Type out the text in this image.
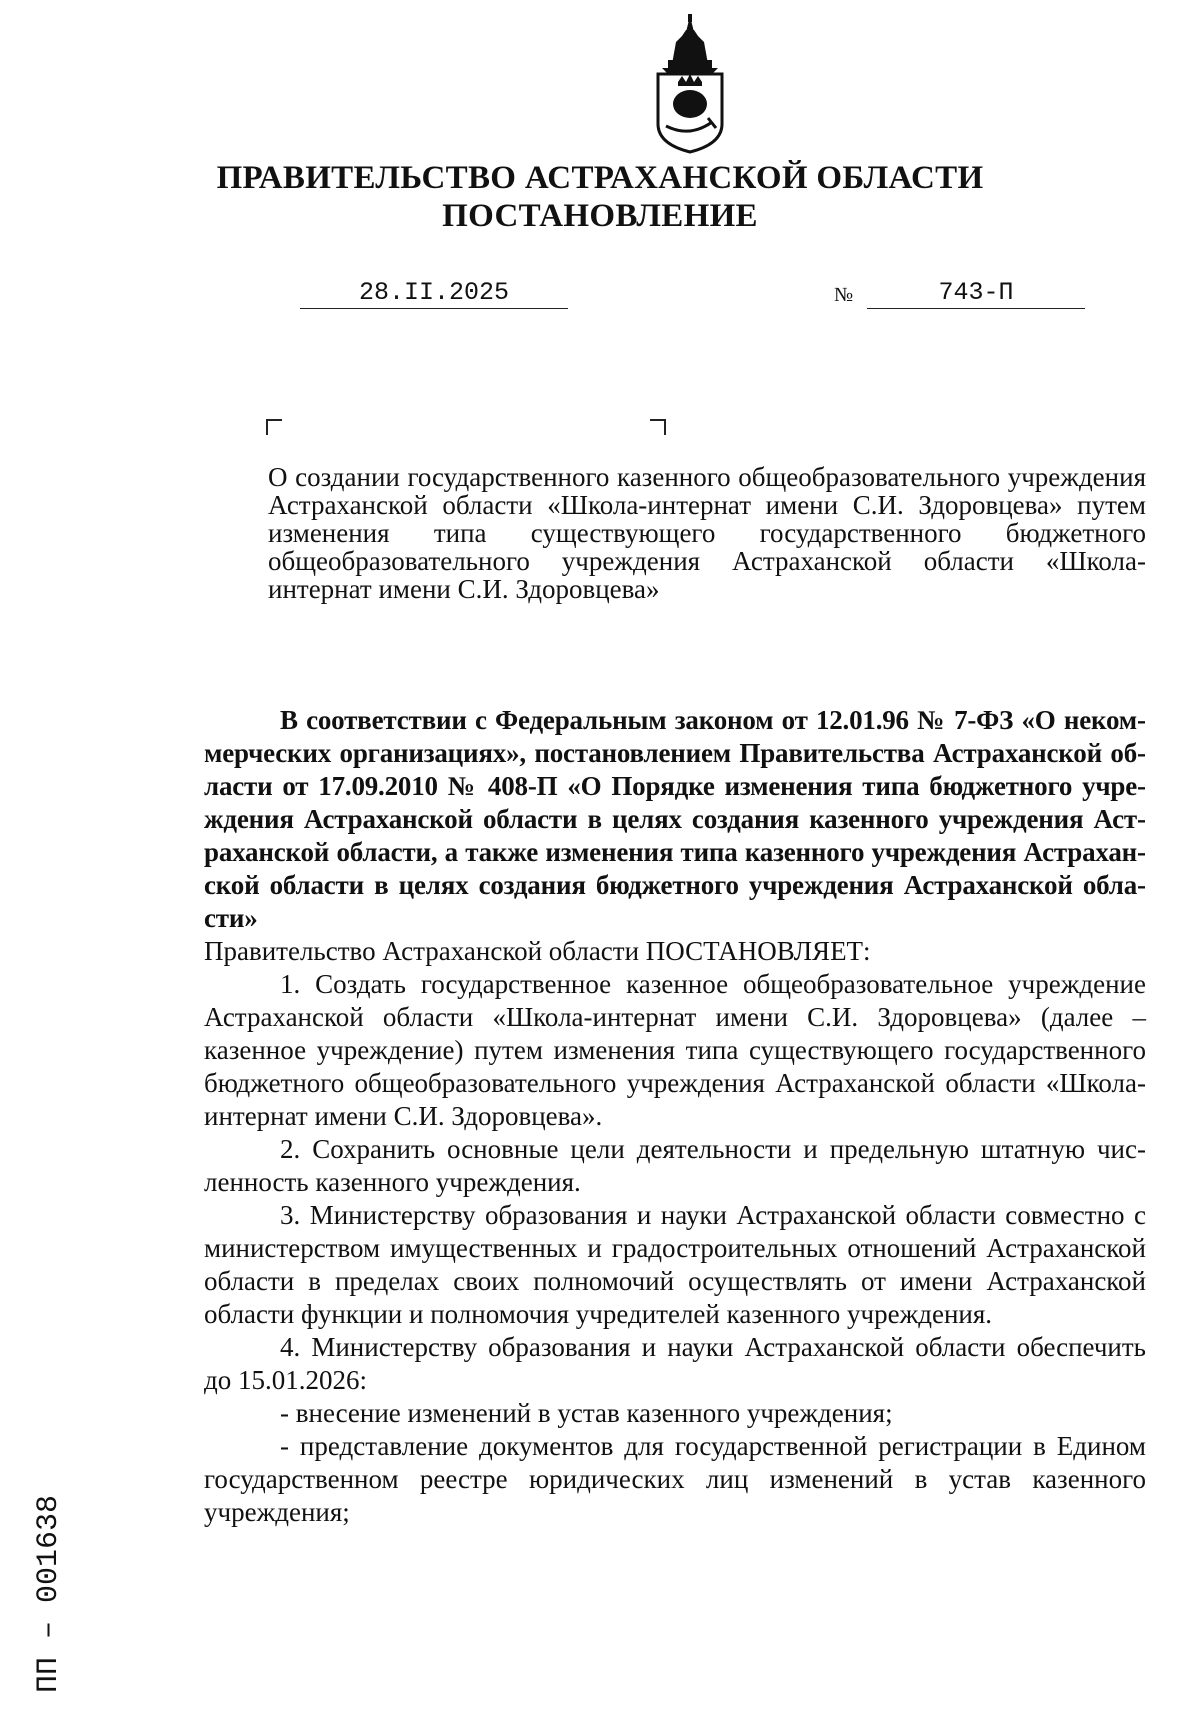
ПРАВИТЕЛЬСТВО АСТРАХАНСКОЙ ОБЛАСТИ
ПОСТАНОВЛЕНИЕ
28.II.2025	№	743-П

О создании государственного казенного общеобразовательного учреждения Астраханской области «Школа-интернат имени С.И. Здоровцева» путем изменения типа существующего государственного бюджетного общеобразовательного учреждения Астраханской области «Школа-интернат имени С.И. Здоровцева»

В соответствии с Федеральным законом от 12.01.96 № 7-ФЗ «О некоммерческих организациях», постановлением Правительства Астраханской области от 17.09.2010 № 408-П «О Порядке изменения типа бюджетного учреждения Астраханской области в целях создания казенного учреждения Астраханской области, а также изменения типа казенного учреждения Астраханской области в целях создания бюджетного учреждения Астраханской области»

Правительство Астраханской области ПОСТАНОВЛЯЕТ:

1. Создать государственное казенное общеобразовательное учреждение Астраханской области «Школа-интернат имени С.И. Здоровцева» (далее – казенное учреждение) путем изменения типа существующего государственного бюджетного общеобразовательного учреждения Астраханской области «Школа-интернат имени С.И. Здоровцева».

2. Сохранить основные цели деятельности и предельную штатную численность казенного учреждения.

3. Министерству образования и науки Астраханской области совместно с министерством имущественных и градостроительных отношений Астраханской области в пределах своих полномочий осуществлять от имени Астраханской области функции и полномочия учредителей казенного учреждения.

4. Министерству образования и науки Астраханской области обеспечить до 15.01.2026:

- внесение изменений в устав казенного учреждения;

- представление документов для государственной регистрации в Едином государственном реестре юридических лиц изменений в устав казенного учреждения;

ПП – 001638
